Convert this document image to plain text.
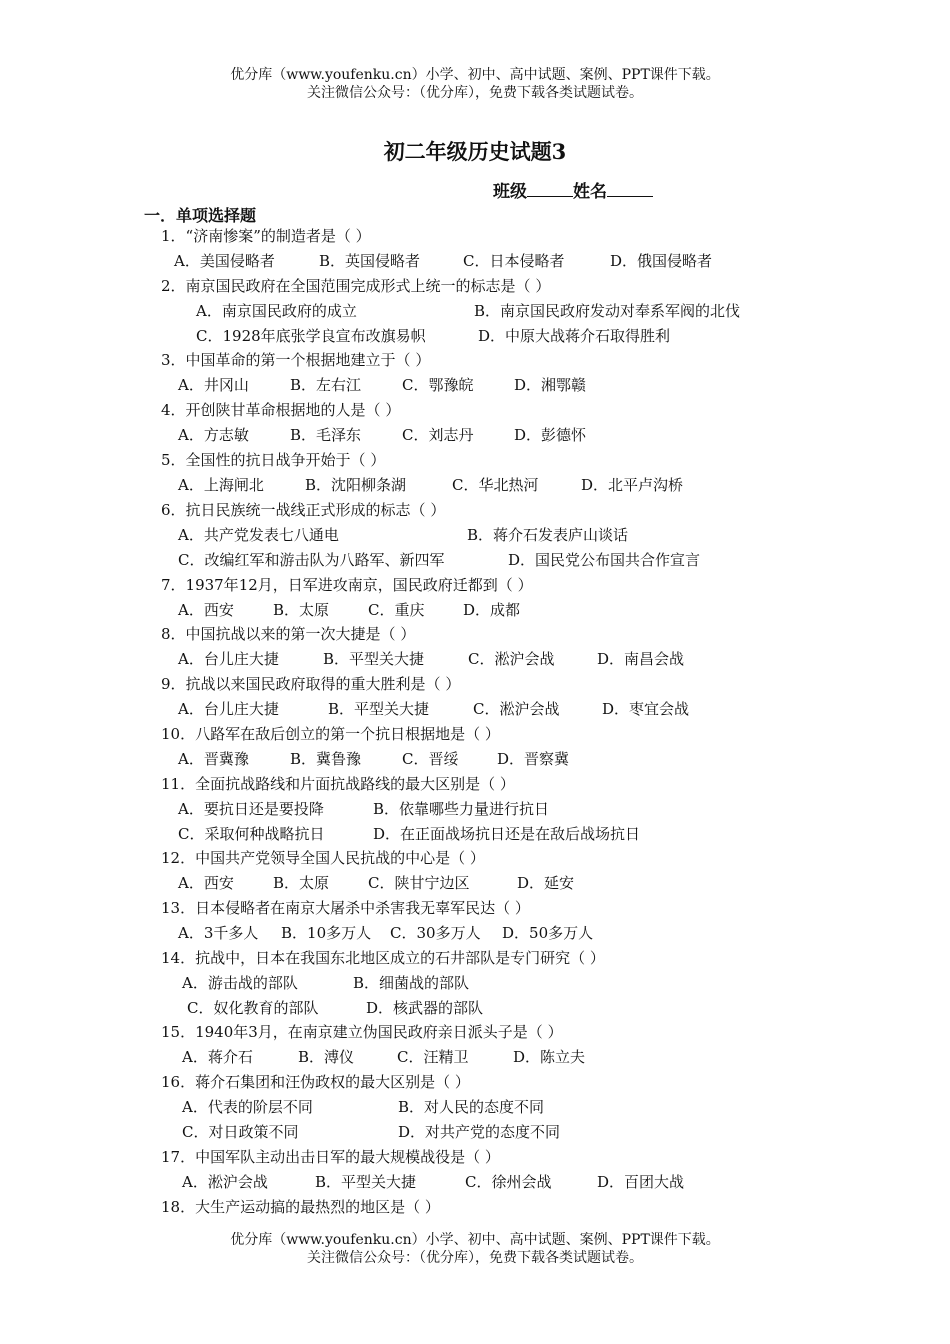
优分库（www.youfenku.cn）小学、初中、高中试题、案例、PPT课件下载。
关注微信公众号：（优分库），免费下载各类试题试卷。
初二年级历史试题3
班级	姓名
一．单项选择题
1．“济南惨案”的制造者是（ ）
A．美国侵略者	B．英国侵略者	C．日本侵略者	D．俄国侵略者
2．南京国民政府在全国范围完成形式上统一的标志是（ ）
A．南京国民政府的成立	B．南京国民政府发动对奉系军阀的北伐
C．1928年底张学良宣布改旗易帜	D．中原大战蒋介石取得胜利
3．中国革命的第一个根据地建立于（ ）
A．井冈山	B．左右江	C．鄂豫皖	D．湘鄂赣
4．开创陕甘革命根据地的人是（ ）
A．方志敏	B．毛泽东	C．刘志丹	D．彭德怀
5．全国性的抗日战争开始于（ ）
A．上海闸北	B．沈阳柳条湖	C．华北热河	D．北平卢沟桥
6．抗日民族统一战线正式形成的标志（ ）
A．共产党发表七八通电	B．蒋介石发表庐山谈话
C．改编红军和游击队为八路军、新四军	D．国民党公布国共合作宣言
7．1937年12月，日军进攻南京，国民政府迁都到（ ）
A．西安	B．太原	C．重庆	D．成都
8．中国抗战以来的第一次大捷是（ ）
A．台儿庄大捷	B．平型关大捷	C．淞沪会战	D．南昌会战
9．抗战以来国民政府取得的重大胜利是（ ）
A．台儿庄大捷	B．平型关大捷	C．淞沪会战	D．枣宜会战
10．八路军在敌后创立的第一个抗日根据地是（ ）
A．晋冀豫	B．冀鲁豫	C．晋绥	D．晋察冀
11．全面抗战路线和片面抗战路线的最大区别是（ ）
A．要抗日还是要投降	B．依靠哪些力量进行抗日
C．采取何种战略抗日	D．在正面战场抗日还是在敌后战场抗日
12．中国共产党领导全国人民抗战的中心是（ ）
A．西安	B．太原	C．陕甘宁边区	D．延安
13．日本侵略者在南京大屠杀中杀害我无辜军民达（ ）
A．3千多人 B．10多万人 C．30多万人 D．50多万人
14．抗战中，日本在我国东北地区成立的石井部队是专门研究（ ）
A．游击战的部队	B．细菌战的部队
C．奴化教育的部队	D．核武器的部队
15．1940年3月，在南京建立伪国民政府亲日派头子是（ ）
A．蒋介石	B．溥仪	C．汪精卫	D．陈立夫
16．蒋介石集团和汪伪政权的最大区别是（ ）
A．代表的阶层不同	B．对人民的态度不同
C．对日政策不同	D．对共产党的态度不同
17．中国军队主动出击日军的最大规模战役是（ ）
A．淞沪会战	B．平型关大捷	C．徐州会战	D．百团大战
18．大生产运动搞的最热烈的地区是（ ）
优分库（www.youfenku.cn）小学、初中、高中试题、案例、PPT课件下载。
关注微信公众号：（优分库），免费下载各类试题试卷。
